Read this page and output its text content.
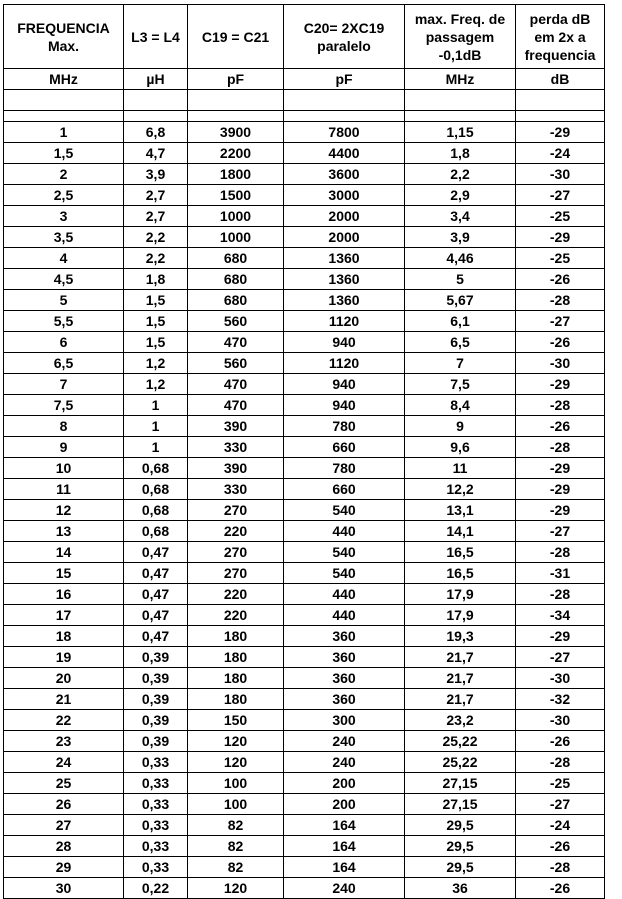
FREQUENCIA Max.	L3 = L4	C19 = C21	C20= 2XC19 paralelo	max. Freq. de passagem -0,1dB	perda dB em 2x a frequencia

MHz	µH	pF	pF	MHz	dB

1	6,8	3900	7800	1,15	-29
1,5	4,7	2200	4400	1,8	-24
2	3,9	1800	3600	2,2	-30
2,5	2,7	1500	3000	2,9	-27
3	2,7	1000	2000	3,4	-25
3,5	2,2	1000	2000	3,9	-29
4	2,2	680	1360	4,46	-25
4,5	1,8	680	1360	5	-26
5	1,5	680	1360	5,67	-28
5,5	1,5	560	1120	6,1	-27
6	1,5	470	940	6,5	-26
6,5	1,2	560	1120	7	-30
7	1,2	470	940	7,5	-29
7,5	1	470	940	8,4	-28
8	1	390	780	9	-26
9	1	330	660	9,6	-28
10	0,68	390	780	11	-29
11	0,68	330	660	12,2	-29
12	0,68	270	540	13,1	-29
13	0,68	220	440	14,1	-27
14	0,47	270	540	16,5	-28
15	0,47	270	540	16,5	-31
16	0,47	220	440	17,9	-28
17	0,47	220	440	17,9	-34
18	0,47	180	360	19,3	-29
19	0,39	180	360	21,7	-27
20	0,39	180	360	21,7	-30
21	0,39	180	360	21,7	-32
22	0,39	150	300	23,2	-30
23	0,39	120	240	25,22	-26
24	0,33	120	240	25,22	-28
25	0,33	100	200	27,15	-25
26	0,33	100	200	27,15	-27
27	0,33	82	164	29,5	-24
28	0,33	82	164	29,5	-26
29	0,33	82	164	29,5	-28
30	0,22	120	240	36	-26
